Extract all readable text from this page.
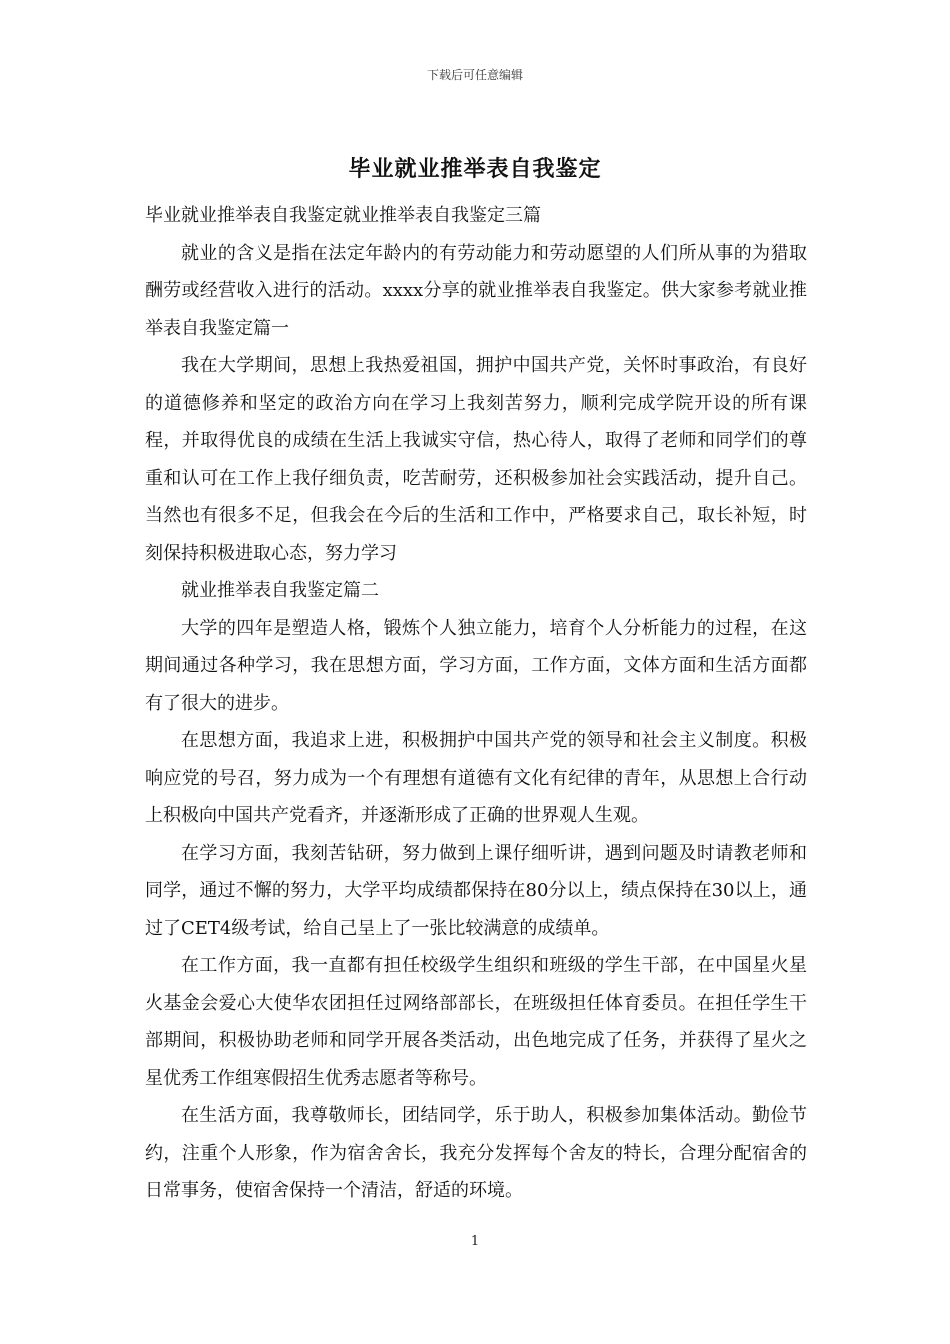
下载后可任意编辑
毕业就业推举表自我鉴定

毕业就业推举表自我鉴定就业推举表自我鉴定三篇

就业的含义是指在法定年龄内的有劳动能力和劳动愿望的人们所从事的为猎取酬劳或经营收入进行的活动。xxxx分享的就业推举表自我鉴定。供大家参考就业推举表自我鉴定篇一

我在大学期间，思想上我热爱祖国，拥护中国共产党，关怀时事政治，有良好的道德修养和坚定的政治方向在学习上我刻苦努力，顺利完成学院开设的所有课程，并取得优良的成绩在生活上我诚实守信，热心待人，取得了老师和同学们的尊重和认可在工作上我仔细负责，吃苦耐劳，还积极参加社会实践活动，提升自己。当然也有很多不足，但我会在今后的生活和工作中，严格要求自己，取长补短，时刻保持积极进取心态，努力学习

就业推举表自我鉴定篇二

大学的四年是塑造人格，锻炼个人独立能力，培育个人分析能力的过程，在这期间通过各种学习，我在思想方面，学习方面，工作方面，文体方面和生活方面都有了很大的进步。

在思想方面，我追求上进，积极拥护中国共产党的领导和社会主义制度。积极响应党的号召，努力成为一个有理想有道德有文化有纪律的青年，从思想上合行动上积极向中国共产党看齐，并逐渐形成了正确的世界观人生观。

在学习方面，我刻苦钻研，努力做到上课仔细听讲，遇到问题及时请教老师和同学，通过不懈的努力，大学平均成绩都保持在80分以上，绩点保持在30以上，通过了CET4级考试，给自己呈上了一张比较满意的成绩单。

在工作方面，我一直都有担任校级学生组织和班级的学生干部，在中国星火星火基金会爱心大使华农团担任过网络部部长，在班级担任体育委员。在担任学生干部期间，积极协助老师和同学开展各类活动，出色地完成了任务，并获得了星火之星优秀工作组寒假招生优秀志愿者等称号。

在生活方面，我尊敬师长，团结同学，乐于助人，积极参加集体活动。勤俭节约，注重个人形象，作为宿舍舍长，我充分发挥每个舍友的特长，合理分配宿舍的日常事务，使宿舍保持一个清洁，舒适的环境。

1
